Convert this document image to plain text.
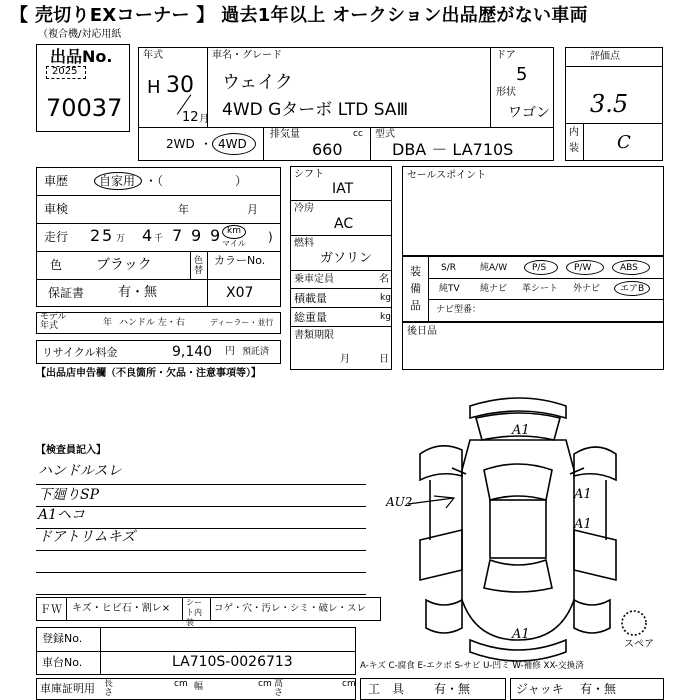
【 売切りEXコーナー 】 過去1年以上 オークション出品歴がない車両
（複合機/対応用紙
出品No.
2025
70037
年式
H 30
12 月
車名・グレード
ウェイク
4WD Gターボ LTD SAⅢ
ドア
5
形状
ワゴン
2WD ・ 4WD
排気量	cc
660
型式
DBA － LA710S
評価点
3.5
内
装 C
車歴	自家用 ・（　　　　　　）
車検	年	月
走行 2 5 万 4 千 7 9 9 km
マイル )
色 ブラック	色替
カラーNo.
X07
保証書	有・無
モデル年式	年 ハンドル 左・右	ディーラー・並行
リサイクル料金	9,140 円 預託済
【出品店申告欄（不良箇所・欠品・注意事項等）】
シフト
IAT
冷房
AC
燃料
ガソリン
乗車定員	名
積載量	kg
総重量	kg
書類期限
月	日
セールスポイント
装
備
品
S/R	純A/W	P/S	P/W	ABS
純TV 純ナビ 革シート 外ナビ エアB
ナビ型番：
後日品
【検査員記入】
ハンドルスレ
下廻りSP
A1ヘコ
ドアトリムキズ
A1
AU2	A1
A1
A1
スペア
ＦＷ キズ・ヒビ石・割レ×
シート内装
コゲ・穴・汚レ・シミ・破レ・スレ
登録No.
車台No.	LA710S-0026713	A-キズ C-腐食 E-エクボ S-サビ U-凹ミ W-補修 XX-交換済
車庫証明用 長さ
cm 幅	cm 高さ
cm 工　具 有・無	ジャッキ 有・無
